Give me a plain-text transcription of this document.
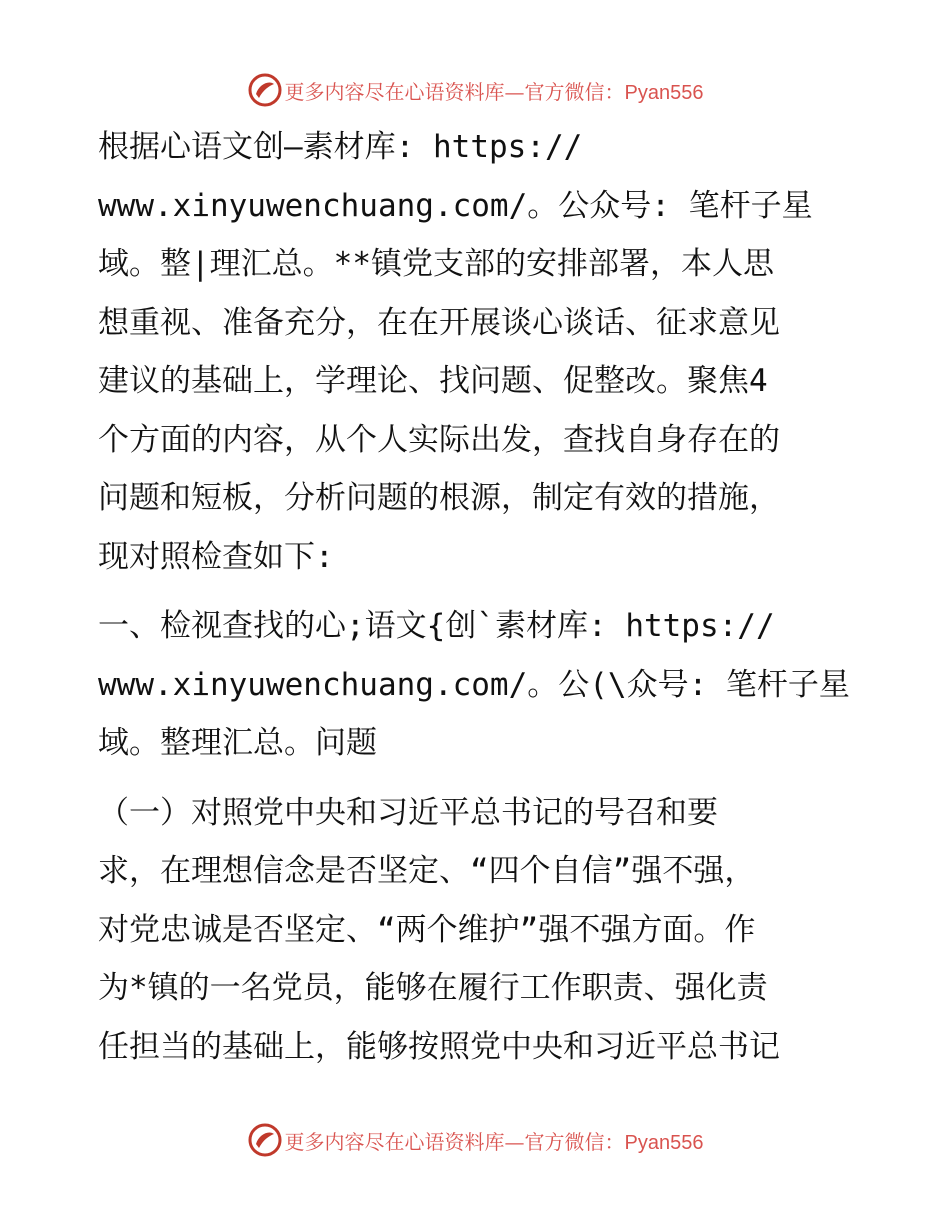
更多内容尽在心语资料库—官方微信：Pyan556

根据心语文创—素材库: https://
www.xinyuwenchuang.com/。公众号: 笔杆子星
域。整|理汇总。**镇党支部的安排部署，本人思
想重视、准备充分，在在开展谈心谈话、征求意见
建议的基础上，学理论、找问题、促整改。聚焦4
个方面的内容，从个人实际出发，查找自身存在的
问题和短板，分析问题的根源，制定有效的措施，
现对照检查如下:

一、检视查找的心;语文{创`素材库: https://
www.xinyuwenchuang.com/。公(\众号: 笔杆子星
域。整理汇总。问题

（一）对照党中央和习近平总书记的号召和要
求，在理想信念是否坚定、“四个自信”强不强，
对党忠诚是否坚定、“两个维护”强不强方面。作
为*镇的一名党员，能够在履行工作职责、强化责
任担当的基础上，能够按照党中央和习近平总书记

更多内容尽在心语资料库—官方微信：Pyan556
